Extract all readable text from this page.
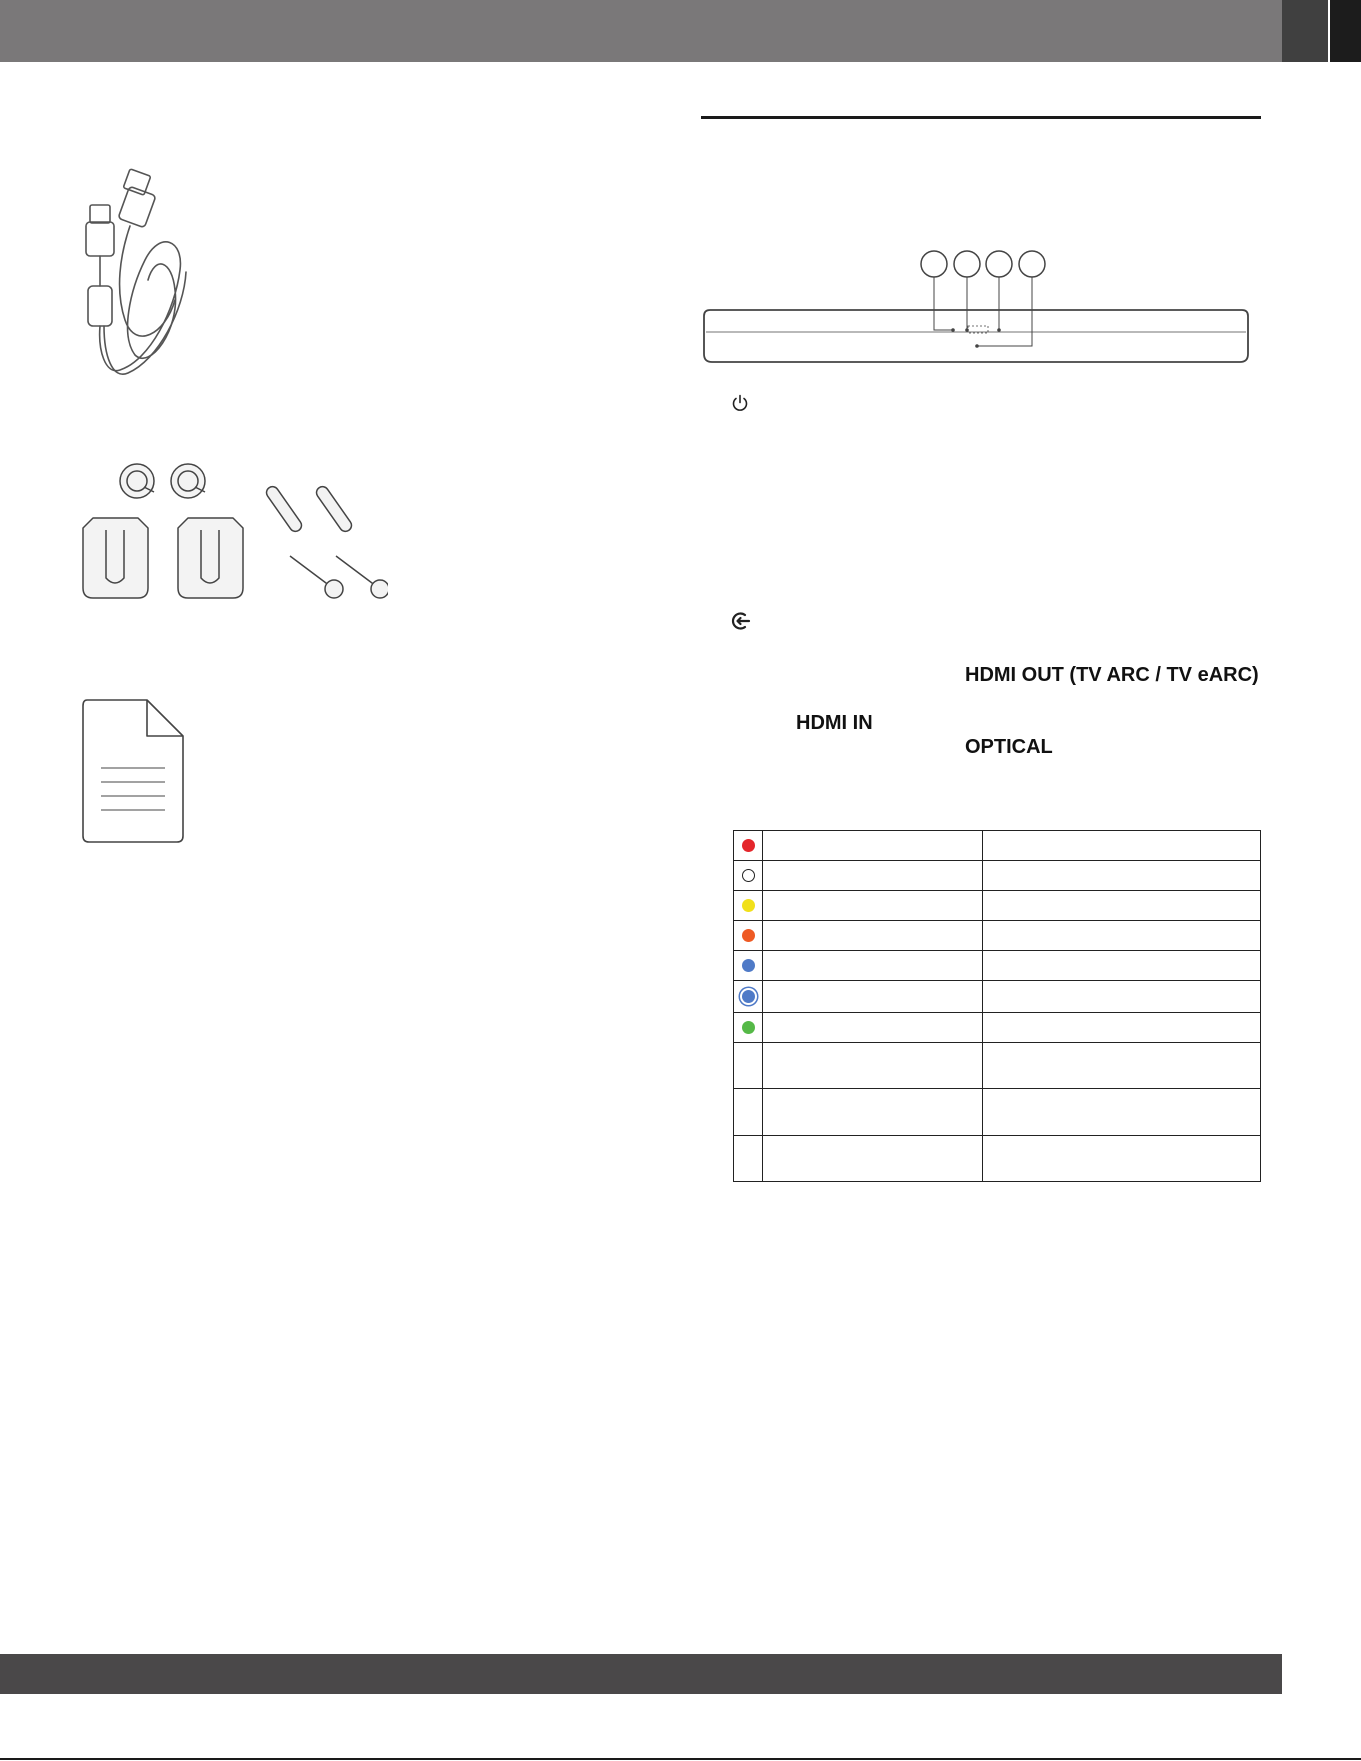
HDMI OUT (TV ARC / TV eARC)
HDMI IN
OPTICAL
